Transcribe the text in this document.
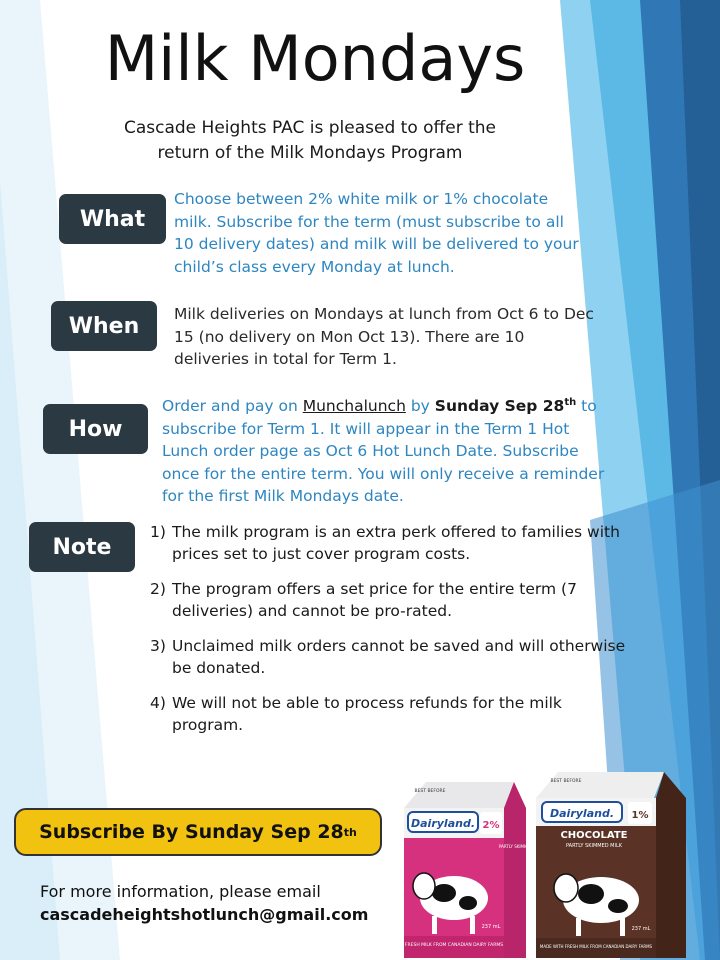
Milk Mondays
Cascade Heights PAC is pleased to offer the
return of the Milk Mondays Program
What
Choose between 2% white milk or 1% chocolate milk. Subscribe for the term (must subscribe to all 10 delivery dates) and milk will be delivered to your child’s class every Monday at lunch.
When	Milk deliveries on Mondays at lunch from Oct 6 to Dec 15 (no delivery on Mon Oct 13). There are 10 deliveries in total for Term 1.
How
Order and pay on Munchalunch by Sunday Sep 28th to subscribe for Term 1. It will appear in the Term 1 Hot Lunch order page as Oct 6 Hot Lunch Date. Subscribe once for the entire term. You will only receive a reminder for the first Milk Mondays date.
Note
1) The milk program is an extra perk offered to families with prices set to just cover program costs.
2) The program offers a set price for the entire term (7 deliveries) and cannot be pro-rated.
3) Unclaimed milk orders cannot be saved and will otherwise be donated.
4) We will not be able to process refunds for the milk program.
Subscribe By Sunday Sep 28 th
For more information, please email
cascadeheightshotlunch@gmail.com
Dairyland. 2%
BEST BEFORE
PARTLY SKIMMED
FRESH MILK FROM CANADIAN DAIRY FARMS
237 mL
Dairyland. 1%
BEST BEFORE
CHOCOLATE
PARTLY SKIMMED MILK
MADE WITH FRESH MILK FROM CANADIAN DAIRY FARMS
237 mL
